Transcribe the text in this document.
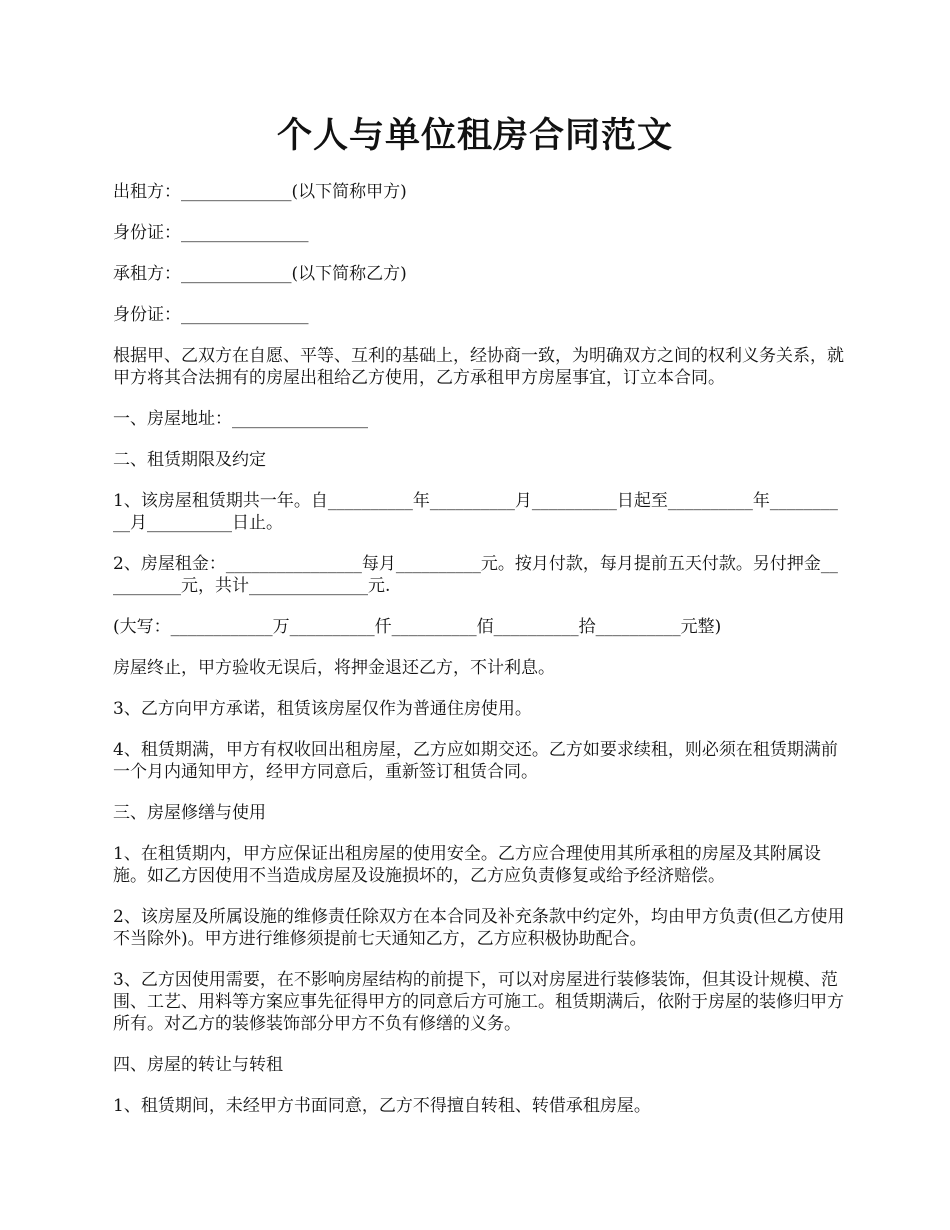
个人与单位租房合同范文

出租方：_____________(以下简称甲方)

身份证：_______________

承租方：_____________(以下简称乙方)

身份证：_______________

根据甲、乙双方在自愿、平等、互利的基础上，经协商一致，为明确双方之间的权利义务关系，就甲方将其合法拥有的房屋出租给乙方使用，乙方承租甲方房屋事宜，订立本合同。

一、房屋地址：________________

二、租赁期限及约定

1、该房屋租赁期共一年。自__________年__________月__________日起至__________年__________月__________日止。

2、房屋租金：________________每月__________元。按月付款，每月提前五天付款。另付押金__________元，共计______________元.

(大写：____________万__________仟__________佰__________拾__________元整)

房屋终止，甲方验收无误后，将押金退还乙方，不计利息。

3、乙方向甲方承诺，租赁该房屋仅作为普通住房使用。

4、租赁期满，甲方有权收回出租房屋，乙方应如期交还。乙方如要求续租，则必须在租赁期满前一个月内通知甲方，经甲方同意后，重新签订租赁合同。

三、房屋修缮与使用

1、在租赁期内，甲方应保证出租房屋的使用安全。乙方应合理使用其所承租的房屋及其附属设施。如乙方因使用不当造成房屋及设施损坏的，乙方应负责修复或给予经济赔偿。

2、该房屋及所属设施的维修责任除双方在本合同及补充条款中约定外，均由甲方负责(但乙方使用不当除外)。甲方进行维修须提前七天通知乙方，乙方应积极协助配合。

3、乙方因使用需要，在不影响房屋结构的前提下，可以对房屋进行装修装饰，但其设计规模、范围、工艺、用料等方案应事先征得甲方的同意后方可施工。租赁期满后，依附于房屋的装修归甲方所有。对乙方的装修装饰部分甲方不负有修缮的义务。

四、房屋的转让与转租

1、租赁期间，未经甲方书面同意，乙方不得擅自转租、转借承租房屋。
